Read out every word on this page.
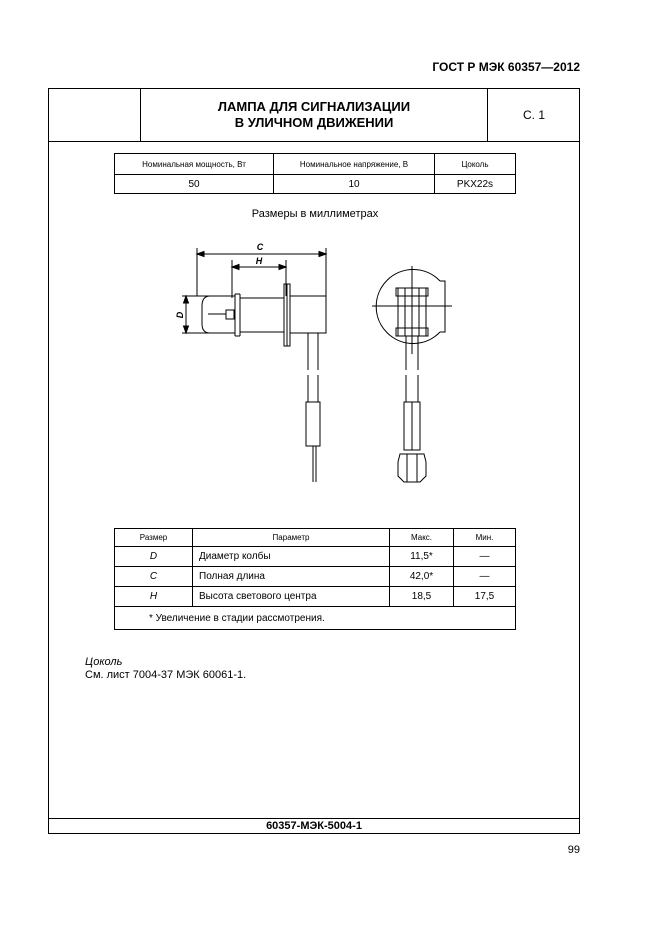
ГОСТ Р МЭК 60357—2012
ЛАМПА ДЛЯ СИГНАЛИЗАЦИИ
В УЛИЧНОМ ДВИЖЕНИИ	С. 1
Номинальная мощность, Вт	Номинальное напряжение, В	Цоколь
50	10	PKX22s
Размеры в миллиметрах
C
H
D
Размер	Параметр	Макс.	Мин.
D	Диаметр колбы	11,5*	—
C	Полная длина	42,0*	—
H	Высота светового центра	18,5	17,5
* Увеличение в стадии рассмотрения.			
Цоколь
См. лист 7004-37 МЭК 60061-1.
60357-МЭК-5004-1
99
